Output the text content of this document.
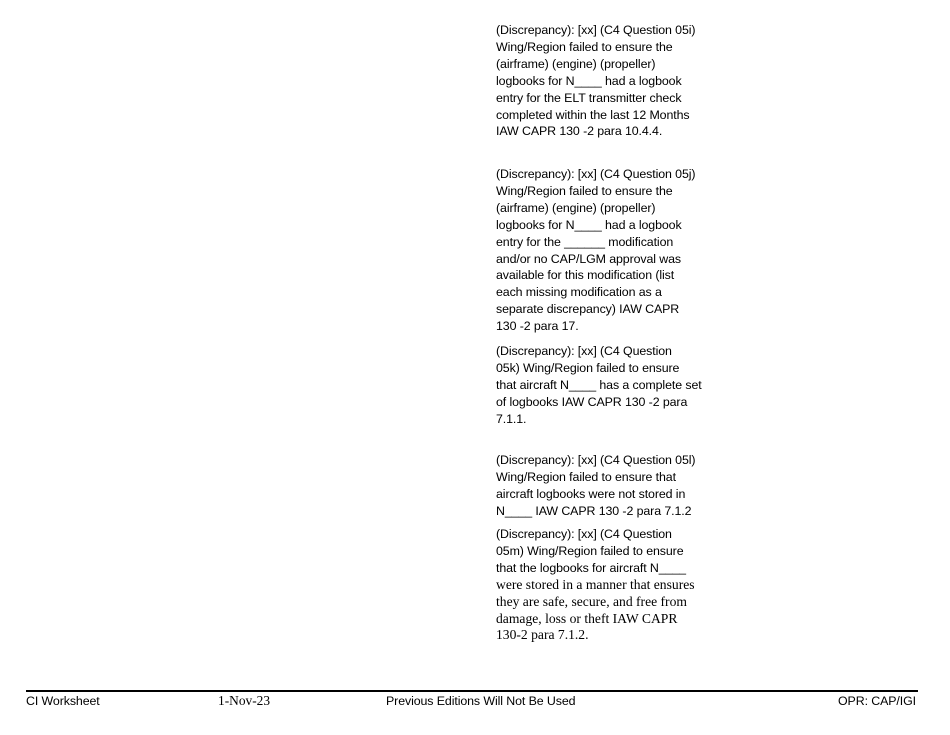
(Discrepancy): [xx] (C4 Question 05i)
Wing/Region failed to ensure the
(airframe) (engine) (propeller)
logbooks for N____ had a logbook
entry for the ELT transmitter check
completed within the last 12 Months
IAW CAPR 130 -2 para 10.4.4.
(Discrepancy): [xx] (C4 Question 05j)
Wing/Region failed to ensure the
(airframe) (engine) (propeller)
logbooks for N____ had a logbook
entry for the ______ modification
and/or no CAP/LGM approval was
available for this modification (list
each missing modification as a
separate discrepancy) IAW CAPR
130 -2 para 17.
(Discrepancy): [xx] (C4 Question
05k) Wing/Region failed to ensure
that aircraft N____ has a complete set
of logbooks IAW CAPR 130 -2 para
7.1.1.
(Discrepancy): [xx] (C4 Question 05l)
Wing/Region failed to ensure that
aircraft logbooks were not stored in
N____ IAW CAPR 130 -2 para 7.1.2
(Discrepancy): [xx] (C4 Question
05m) Wing/Region failed to ensure
that the logbooks for aircraft N____
were stored in a manner that ensures
they are safe, secure, and free from
damage, loss or theft IAW CAPR
130-2 para 7.1.2.
CI Worksheet	1-Nov-23	Previous Editions Will Not Be Used	OPR: CAP/IGI
